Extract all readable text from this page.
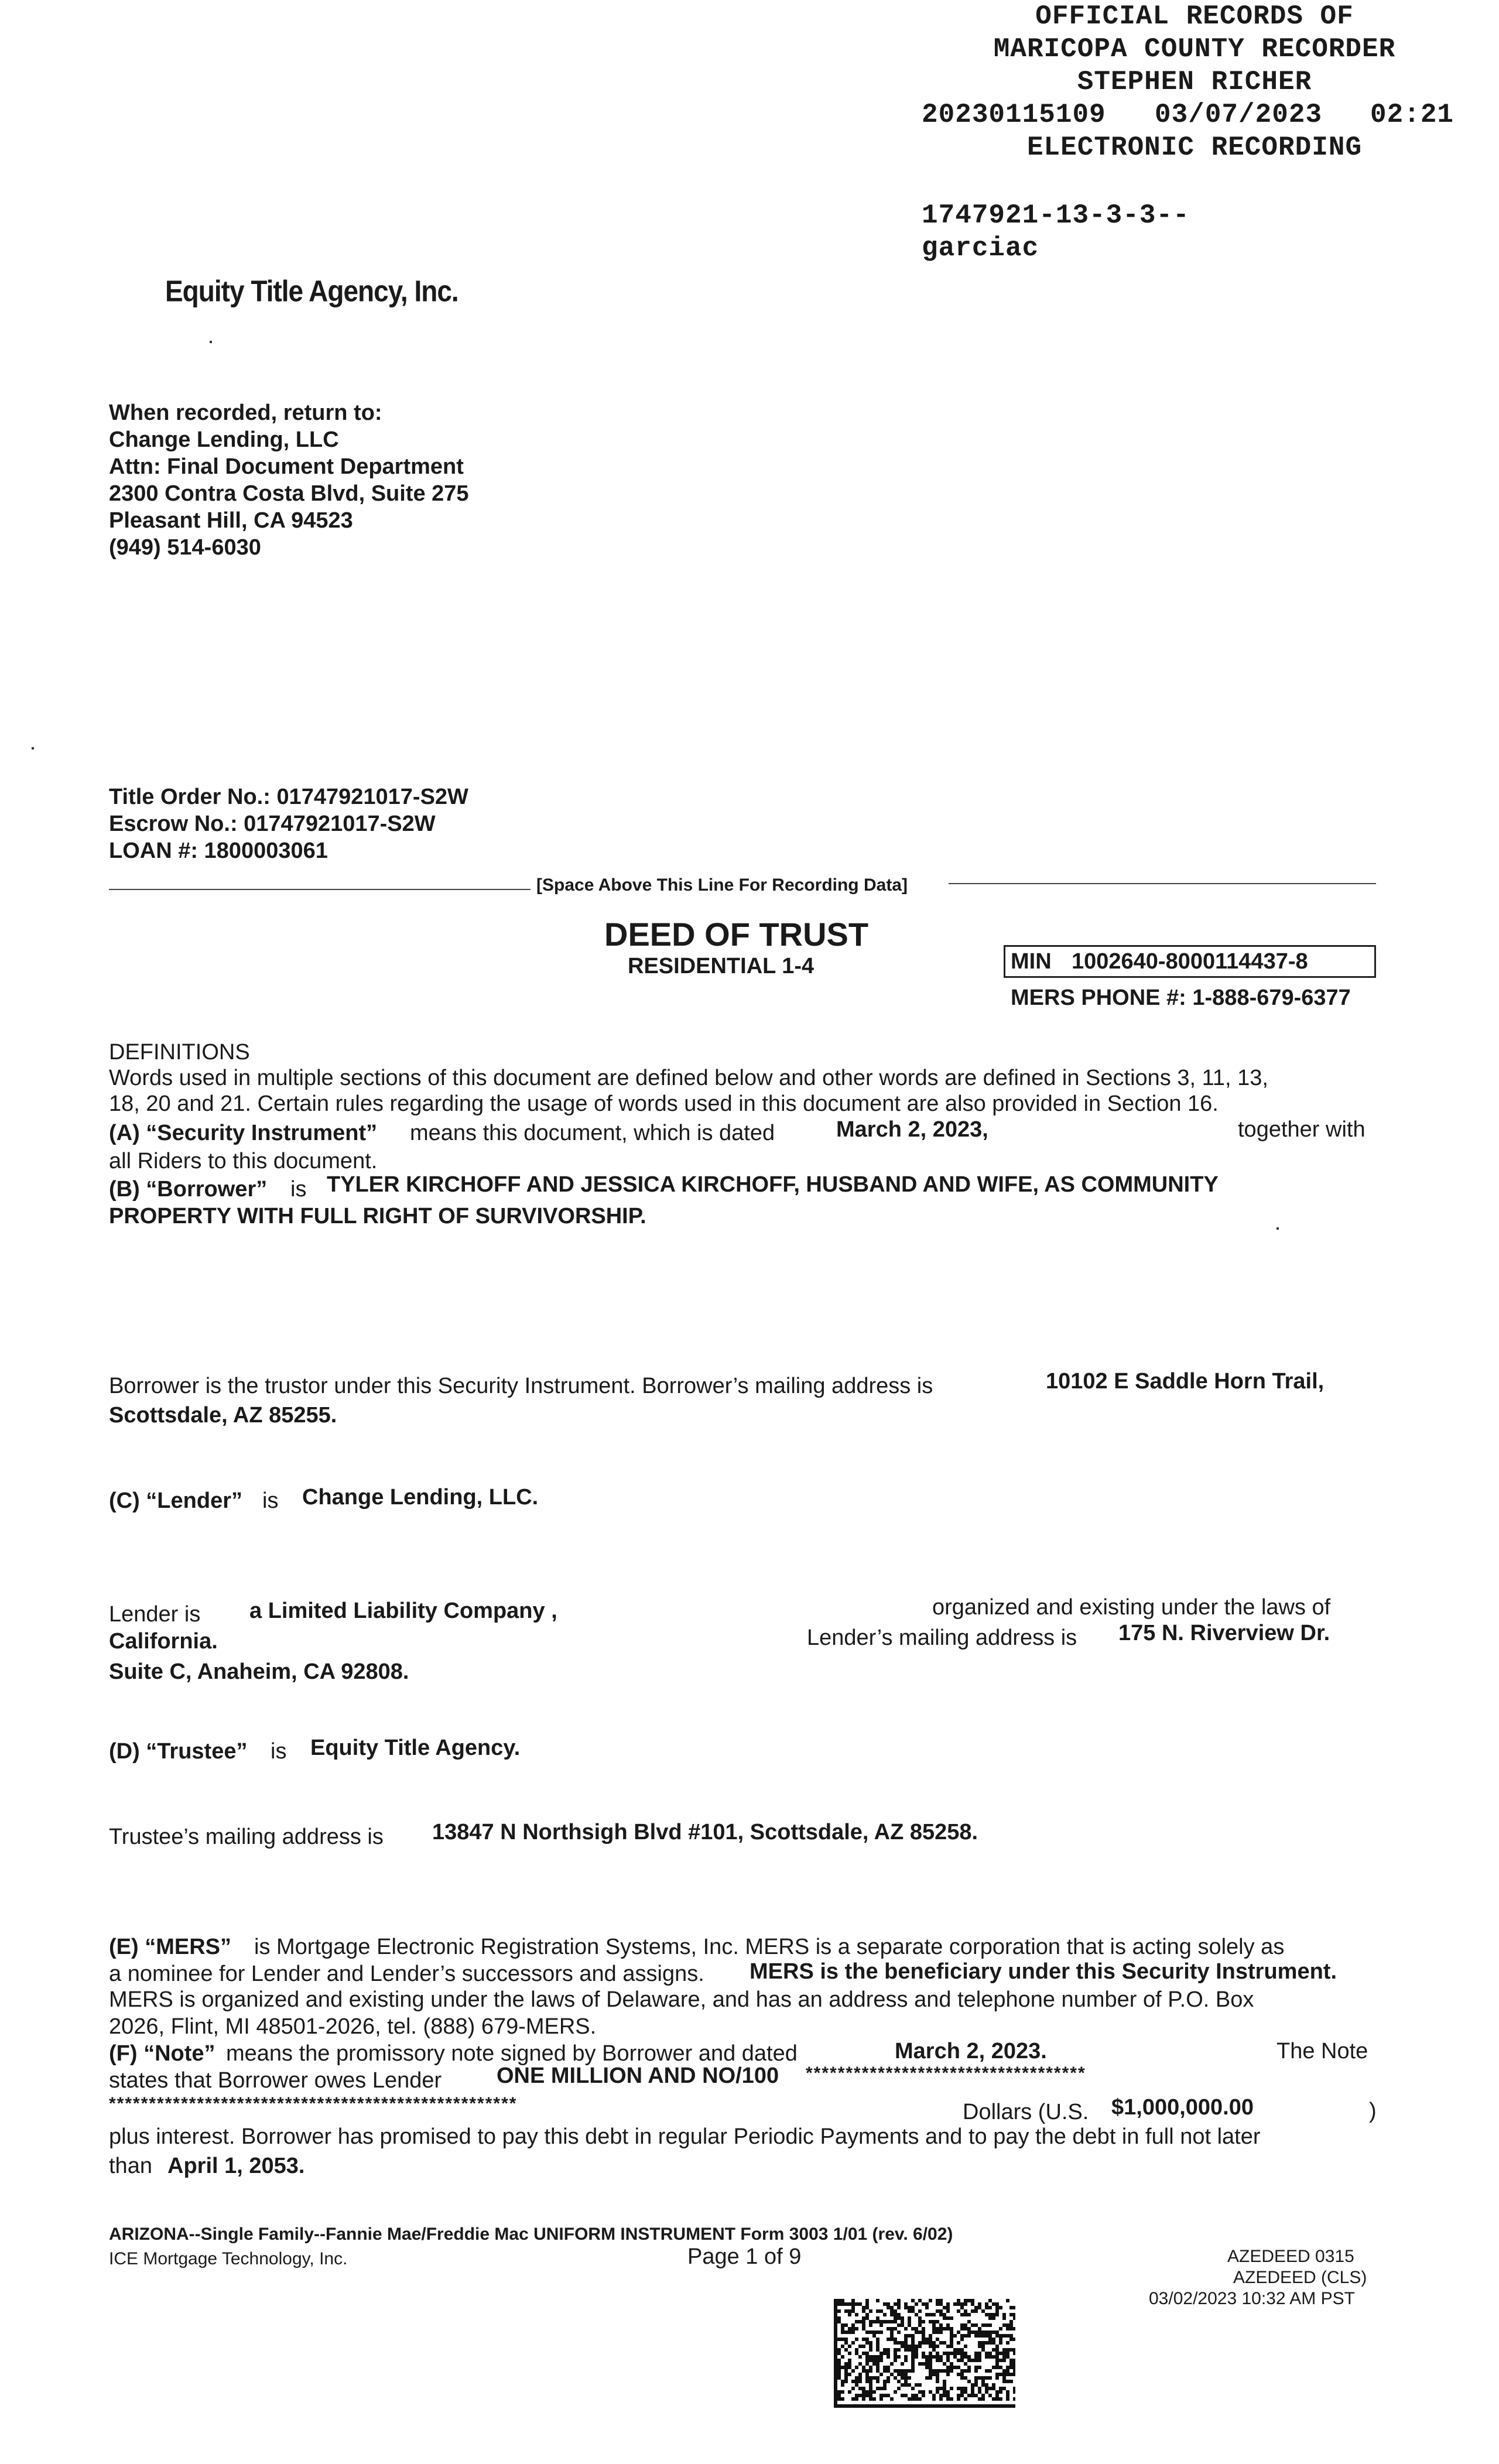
OFFICIAL RECORDS OF
MARICOPA COUNTY RECORDER
STEPHEN RICHER
20230115109 03/07/2023 02:21
ELECTRONIC RECORDING
1747921-13-3-3--
garciac
Equity Title Agency, Inc.
When recorded, return to:
Change Lending, LLC
Attn: Final Document Department
2300 Contra Costa Blvd, Suite 275
Pleasant Hill, CA 94523
(949) 514-6030
Title Order No.: 01747921017-S2W
Escrow No.: 01747921017-S2W
LOAN #: 1800003061
[Space Above This Line For Recording Data]
DEED OF TRUST
RESIDENTIAL 1-4	MIN 1002640-8000114437-8
MERS PHONE #: 1-888-679-6377
DEFINITIONS
Words used in multiple sections of this document are defined below and other words are defined in Sections 3, 11, 13,
18, 20 and 21. Certain rules regarding the usage of words used in this document are also provided in Section 16.
(A) “Security Instrument” means this document, which is dated	March 2, 2023,	together with
all Riders to this document.
(B) “Borrower” is TYLER KIRCHOFF AND JESSICA KIRCHOFF, HUSBAND AND WIFE, AS COMMUNITY
PROPERTY WITH FULL RIGHT OF SURVIVORSHIP.
Borrower is the trustor under this Security Instrument. Borrower’s mailing address is	10102 E Saddle Horn Trail,
Scottsdale, AZ 85255.
(C) “Lender” is Change Lending, LLC.
Lender is a Limited Liability Company ,	organized and existing under the laws of
California.	Lender’s mailing address is 175 N. Riverview Dr.
Suite C, Anaheim, CA 92808.
(D) “Trustee” is Equity Title Agency.
Trustee’s mailing address is 13847 N Northsigh Blvd #101, Scottsdale, AZ 85258.
(E) “MERS” is Mortgage Electronic Registration Systems, Inc. MERS is a separate corporation that is acting solely as
a nominee for Lender and Lender’s successors and assigns. MERS is the beneficiary under this Security Instrument.
MERS is organized and existing under the laws of Delaware, and has an address and telephone number of P.O. Box
2026, Flint, MI 48501-2026, tel. (888) 679-MERS.
(F) “Note” means the promissory note signed by Borrower and dated	March 2, 2023.	The Note
states that Borrower owes Lender ONE MILLION AND NO/100 ***********************************
***************************************************	Dollars (U.S. $1,000,000.00	)
plus interest. Borrower has promised to pay this debt in regular Periodic Payments and to pay the debt in full not later
than April 1, 2053.
ARIZONA--Single Family--Fannie Mae/Freddie Mac UNIFORM INSTRUMENT Form 3003 1/01 (rev. 6/02)
ICE Mortgage Technology, Inc.	Page 1 of 9	AZEDEED 0315
AZEDEED (CLS)
03/02/2023 10:32 AM PST
